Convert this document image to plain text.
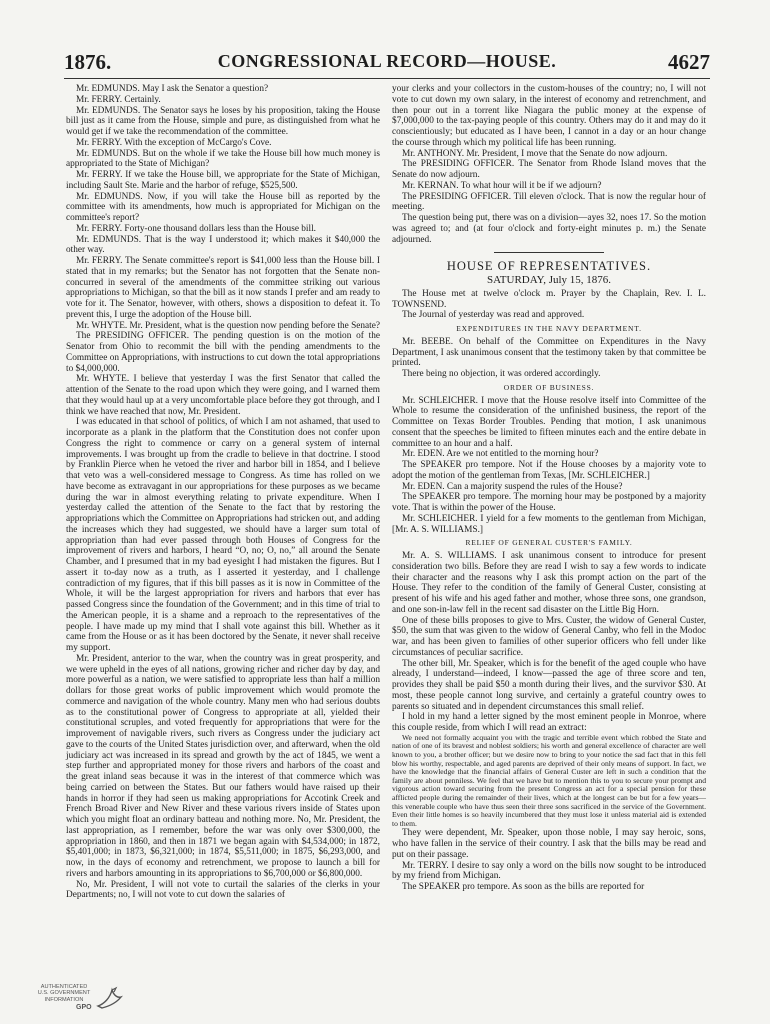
1876.	CONGRESSIONAL RECORD—HOUSE.	4627

Mr. EDMUNDS. May I ask the Senator a question?

Mr. FERRY. Certainly.

Mr. EDMUNDS. The Senator says he loses by his proposition, taking the House bill just as it came from the House, simple and pure, as distinguished from what he would get if we take the recommendation of the committee.

Mr. FERRY. With the exception of McCargo's Cove.

Mr. EDMUNDS. But on the whole if we take the House bill how much money is appropriated to the State of Michigan?

Mr. FERRY. If we take the House bill, we appropriate for the State of Michigan, including Sault Ste. Marie and the harbor of refuge, $525,500.

Mr. EDMUNDS. Now, if you will take the House bill as reported by the committee with its amendments, how much is appropriated for Michigan on the committee's report?

Mr. FERRY. Forty-one thousand dollars less than the House bill.

Mr. EDMUNDS. That is the way I understood it; which makes it $40,000 the other way.

Mr. FERRY. The Senate committee's report is $41,000 less than the House bill. I stated that in my remarks; but the Senator has not forgotten that the Senate non-concurred in several of the amendments of the committee striking out various appropriations to Michigan, so that the bill as it now stands I prefer and am ready to vote for it. The Senator, however, with others, shows a disposition to defeat it. To prevent this, I urge the adoption of the House bill.

Mr. WHYTE. Mr. President, what is the question now pending before the Senate?

The PRESIDING OFFICER. The pending question is on the motion of the Senator from Ohio to recommit the bill with the pending amendments to the Committee on Appropriations, with instructions to cut down the total appropriations to $4,000,000.

Mr. WHYTE. I believe that yesterday I was the first Senator that called the attention of the Senate to the road upon which they were going, and I warned them that they would haul up at a very uncomfortable place before they got through, and I think we have reached that now, Mr. President.

I was educated in that school of politics, of which I am not ashamed, that used to incorporate as a plank in the platform that the Constitution does not confer upon Congress the right to commence or carry on a general system of internal improvements. I was brought up from the cradle to believe in that doctrine. I stood by Franklin Pierce when he vetoed the river and harbor bill in 1854, and I believe that veto was a well-considered message to Congress. As time has rolled on we have become as extravagant in our appropriations for these purposes as we became during the war in almost everything relating to private expenditure. When I yesterday called the attention of the Senate to the fact that by restoring the appropriations which the Committee on Appropriations had stricken out, and adding the increases which they had suggested, we should have a larger sum total of appropriation than had ever passed through both Houses of Congress for the improvement of rivers and harbors, I heard “O, no; O, no,” all around the Senate Chamber, and I presumed that in my bad eyesight I had mistaken the figures. But I assert it to-day now as a truth, as I asserted it yesterday, and I challenge contradiction of my figures, that if this bill passes as it is now in Committee of the Whole, it will be the largest appropriation for rivers and harbors that ever has passed Congress since the foundation of the Government; and in this time of trial to the American people, it is a shame and a reproach to the representatives of the people. I have made up my mind that I shall vote against this bill. Whether as it came from the House or as it has been doctored by the Senate, it never shall receive my support.

Mr. President, anterior to the war, when the country was in great prosperity, and we were upheld in the eyes of all nations, growing richer and richer day by day, and more powerful as a nation, we were satisfied to appropriate less than half a million dollars for those great works of public improvement which would promote the commerce and navigation of the whole country. Many men who had serious doubts as to the constitutional power of Congress to appropriate at all, yielded their constitutional scruples, and voted frequently for appropriations that were for the improvement of navigable rivers, such rivers as Congress under the judiciary act gave to the courts of the United States jurisdiction over, and afterward, when the old judiciary act was increased in its spread and growth by the act of 1845, we went a step further and appropriated money for those rivers and harbors of the coast and the great inland seas because it was in the interest of that commerce which was being carried on between the States. But our fathers would have raised up their hands in horror if they had seen us making appropriations for Accotink Creek and French Broad River and New River and these various rivers inside of States upon which you might float an ordinary batteau and nothing more. No, Mr. President, the last appropriation, as I remember, before the war was only over $300,000, the appropriation in 1860, and then in 1871 we began again with $4,534,000; in 1872, $5,401,000; in 1873, $6,321,000; in 1874, $5,511,000; in 1875, $6,293,000, and now, in the days of economy and retrenchment, we propose to launch a bill for rivers and harbors amounting in its appropriations to $6,700,000 or $6,800,000.

No, Mr. President, I will not vote to curtail the salaries of the clerks in your Departments; no, I will not vote to cut down the salaries of

your clerks and your collectors in the custom-houses of the country; no, I will not vote to cut down my own salary, in the interest of economy and retrenchment, and then pour out in a torrent like Niagara the public money at the expense of $7,000,000 to the tax-paying people of this country. Others may do it and may do it conscientiously; but educated as I have been, I cannot in a day or an hour change the course through which my political life has been running.

Mr. ANTHONY. Mr. President, I move that the Senate do now adjourn.

The PRESIDING OFFICER. The Senator from Rhode Island moves that the Senate do now adjourn.

Mr. KERNAN. To what hour will it be if we adjourn?

The PRESIDING OFFICER. Till eleven o'clock. That is now the regular hour of meeting.

The question being put, there was on a division—ayes 32, noes 17. So the motion was agreed to; and (at four o'clock and forty-eight minutes p. m.) the Senate adjourned.

HOUSE OF REPRESENTATIVES.
SATURDAY, July 15, 1876.

The House met at twelve o'clock m. Prayer by the Chaplain, Rev. I. L. TOWNSEND.

The Journal of yesterday was read and approved.

EXPENDITURES IN THE NAVY DEPARTMENT.

Mr. BEEBE. On behalf of the Committee on Expenditures in the Navy Department, I ask unanimous consent that the testimony taken by that committee be printed.

There being no objection, it was ordered accordingly.

ORDER OF BUSINESS.

Mr. SCHLEICHER. I move that the House resolve itself into Committee of the Whole to resume the consideration of the unfinished business, the report of the Committee on Texas Border Troubles. Pending that motion, I ask unanimous consent that the speeches be limited to fifteen minutes each and the entire debate in committee to an hour and a half.

Mr. EDEN. Are we not entitled to the morning hour?

The SPEAKER pro tempore. Not if the House chooses by a majority vote to adopt the motion of the gentleman from Texas, [Mr. SCHLEICHER.]

Mr. EDEN. Can a majority suspend the rules of the House?

The SPEAKER pro tempore. The morning hour may be postponed by a majority vote. That is within the power of the House.

Mr. SCHLEICHER. I yield for a few moments to the gentleman from Michigan, [Mr. A. S. WILLIAMS.]

RELIEF OF GENERAL CUSTER'S FAMILY.

Mr. A. S. WILLIAMS. I ask unanimous consent to introduce for present consideration two bills. Before they are read I wish to say a few words to indicate their character and the reasons why I ask this prompt action on the part of the House. They refer to the condition of the family of General Custer, consisting at present of his wife and his aged father and mother, whose three sons, one grandson, and one son-in-law fell in the recent sad disaster on the Little Big Horn.

One of these bills proposes to give to Mrs. Custer, the widow of General Custer, $50, the sum that was given to the widow of General Canby, who fell in the Modoc war, and has been given to families of other superior officers who fell under like circumstances of peculiar sacrifice.

The other bill, Mr. Speaker, which is for the benefit of the aged couple who have already, I understand—indeed, I know—passed the age of three score and ten, provides they shall be paid $50 a month during their lives, and the survivor $30. At most, these people cannot long survive, and certainly a grateful country owes to parents so situated and in dependent circumstances this small relief.

I hold in my hand a letter signed by the most eminent people in Monroe, where this couple reside, from which I will read an extract:

We need not formally acquaint you with the tragic and terrible event which robbed the State and nation of one of its bravest and noblest soldiers; his worth and general excellence of character are well known to you, a brother officer; but we desire now to bring to your notice the sad fact that in this fell blow his worthy, respectable, and aged parents are deprived of their only means of support. In fact, we have the knowledge that the financial affairs of General Custer are left in such a condition that the family are about penniless. We feel that we have but to mention this to you to secure your prompt and vigorous action toward securing from the present Congress an act for a special pension for these afflicted people during the remainder of their lives, which at the longest can be but for a few years—this venerable couple who have thus seen their three sons sacrificed in the service of the Government. Even their little homes is so heavily incumbered that they must lose it unless material aid is extended to them.

They were dependent, Mr. Speaker, upon those noble, I may say heroic, sons, who have fallen in the service of their country. I ask that the bills may be read and put on their passage.

Mr. TERRY. I desire to say only a word on the bills now sought to be introduced by my friend from Michigan.

The SPEAKER pro tempore. As soon as the bills are reported for

AUTHENTICATED
U.S. GOVERNMENT
INFORMATION
GPO
